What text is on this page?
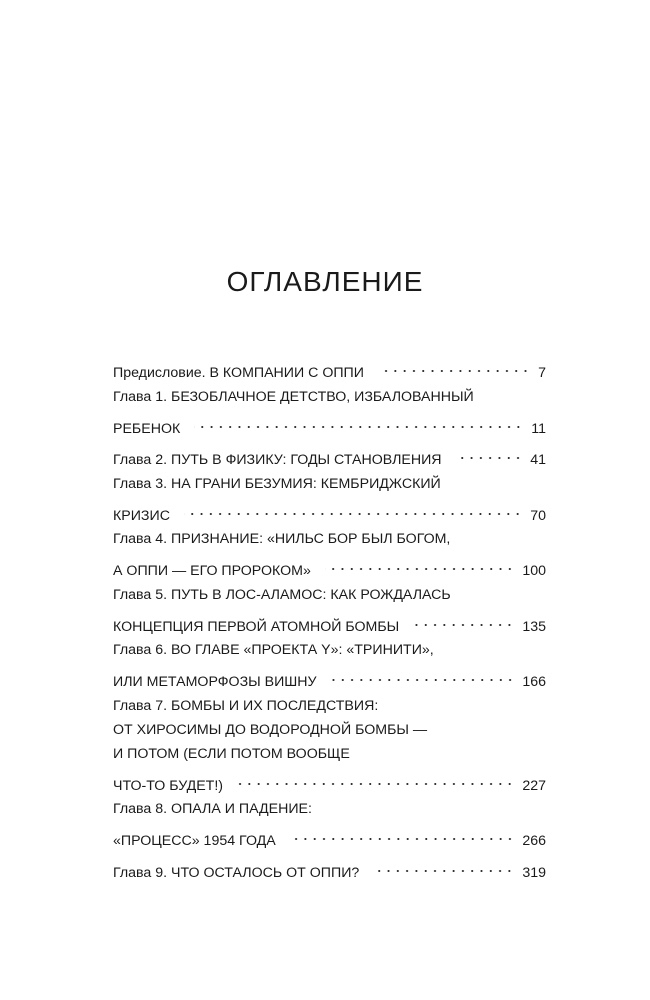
ОГЛАВЛЕНИЕ
Предисловие. В КОМПАНИИ С ОППИ	7
Глава 1. БЕЗОБЛАЧНОЕ ДЕТСТВО, ИЗБАЛОВАННЫЙ
РЕБЕНОК	11
Глава 2. ПУТЬ В ФИЗИКУ: ГОДЫ СТАНОВЛЕНИЯ	41
Глава 3. НА ГРАНИ БЕЗУМИЯ: КЕМБРИДЖСКИЙ
КРИЗИС	70
Глава 4. ПРИЗНАНИЕ: «НИЛЬС БОР БЫЛ БОГОМ,
А ОППИ — ЕГО ПРОРОКОМ»	100
Глава 5. ПУТЬ В ЛОС-АЛАМОС: КАК РОЖДАЛАСЬ
КОНЦЕПЦИЯ ПЕРВОЙ АТОМНОЙ БОМБЫ	135
Глава 6. ВО ГЛАВЕ «ПРОЕКТА Y»: «ТРИНИТИ»,
ИЛИ МЕТАМОРФОЗЫ ВИШНУ	166
Глава 7. БОМБЫ И ИХ ПОСЛЕДСТВИЯ:
ОТ ХИРОСИМЫ ДО ВОДОРОДНОЙ БОМБЫ —
И ПОТОМ (ЕСЛИ ПОТОМ ВООБЩЕ
ЧТО-ТО БУДЕТ!)	227
Глава 8. ОПАЛА И ПАДЕНИЕ:
«ПРОЦЕСС» 1954 ГОДА	266
Глава 9. ЧТО ОСТАЛОСЬ ОТ ОППИ?	319
